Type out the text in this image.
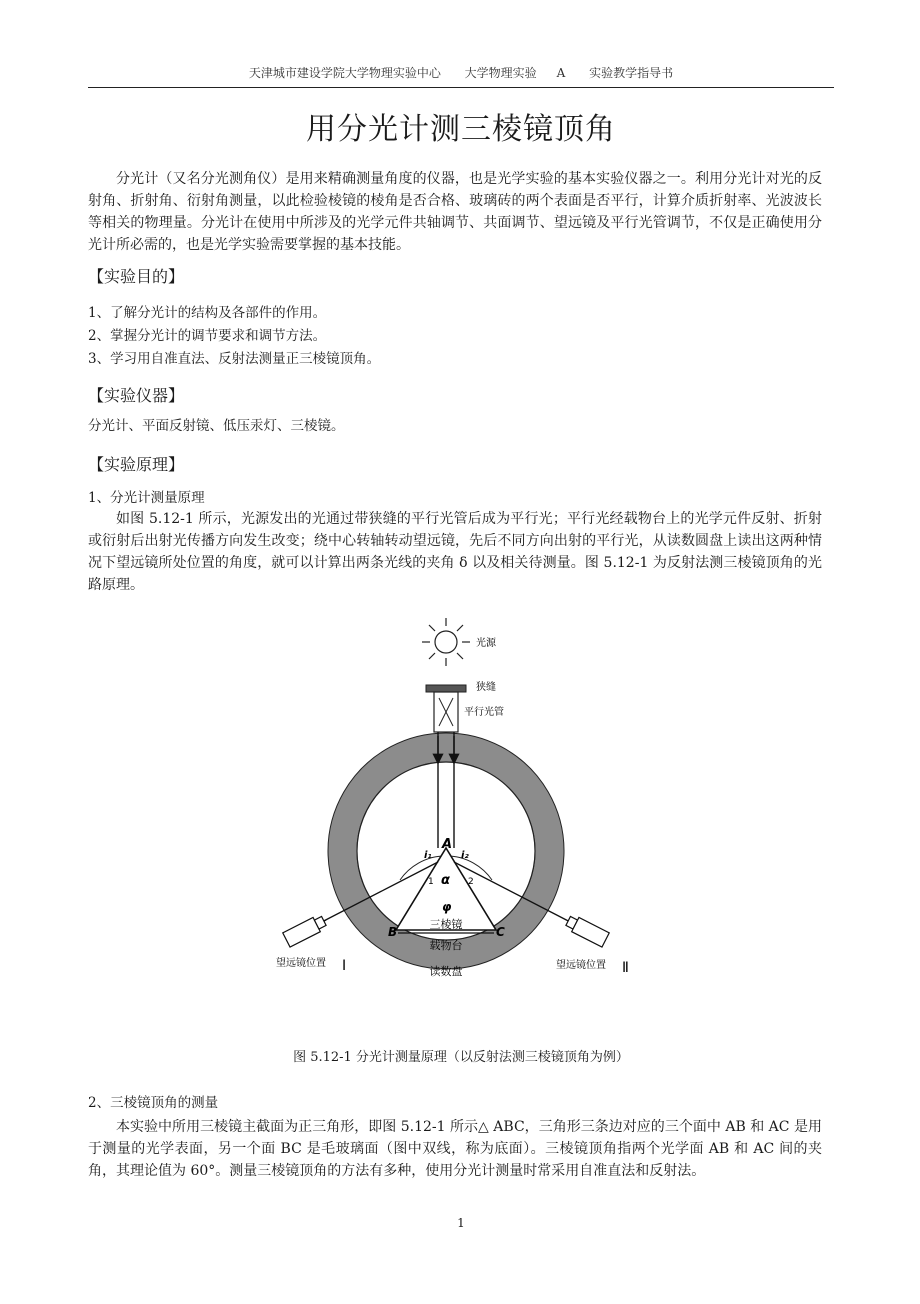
天津城市建设学院大学物理实验中心 大学物理实验 A 实验教学指导书
用分光计测三棱镜顶角
分光计（又名分光测角仪）是用来精确测量角度的仪器，也是光学实验的基本实验仪器之一。利用分光计对光的反射角、折射角、衍射角测量，以此检验棱镜的棱角是否合格、玻璃砖的两个表面是否平行，计算介质折射率、光波波长等相关的物理量。分光计在使用中所涉及的光学元件共轴调节、共面调节、望远镜及平行光管调节，不仅是正确使用分光计所必需的，也是光学实验需要掌握的基本技能。
【实验目的】
1、了解分光计的结构及各部件的作用。
2、掌握分光计的调节要求和调节方法。
3、学习用自准直法、反射法测量正三棱镜顶角。
【实验仪器】
分光计、平面反射镜、低压汞灯、三棱镜。
【实验原理】
1、分光计测量原理
如图 5.12-1 所示，光源发出的光通过带狭缝的平行光管后成为平行光；平行光经载物台上的光学元件反射、折射或衍射后出射光传播方向发生改变；绕中心转轴转动望远镜，先后不同方向出射的平行光，从读数圆盘上读出这两种情况下望远镜所处位置的角度，就可以计算出两条光线的夹角 δ 以及相关待测量。图 5.12-1 为反射法测三棱镜顶角的光路原理。
光源
狭缝
平行光管
A
B	C
α
φ
i₁	i₂
1	2
三棱镜
载物台
读数盘
望远镜位置 Ⅰ	望远镜位置 Ⅱ
图 5.12-1 分光计测量原理（以反射法测三棱镜顶角为例）
2、三棱镜顶角的测量
本实验中所用三棱镜主截面为正三角形，即图 5.12-1 所示△ ABC，三角形三条边对应的三个面中 AB 和 AC 是用于测量的光学表面，另一个面 BC 是毛玻璃面（图中双线，称为底面）。三棱镜顶角指两个光学面 AB 和 AC 间的夹角，其理论值为 60°。测量三棱镜顶角的方法有多种，使用分光计测量时常采用自准直法和反射法。
1
